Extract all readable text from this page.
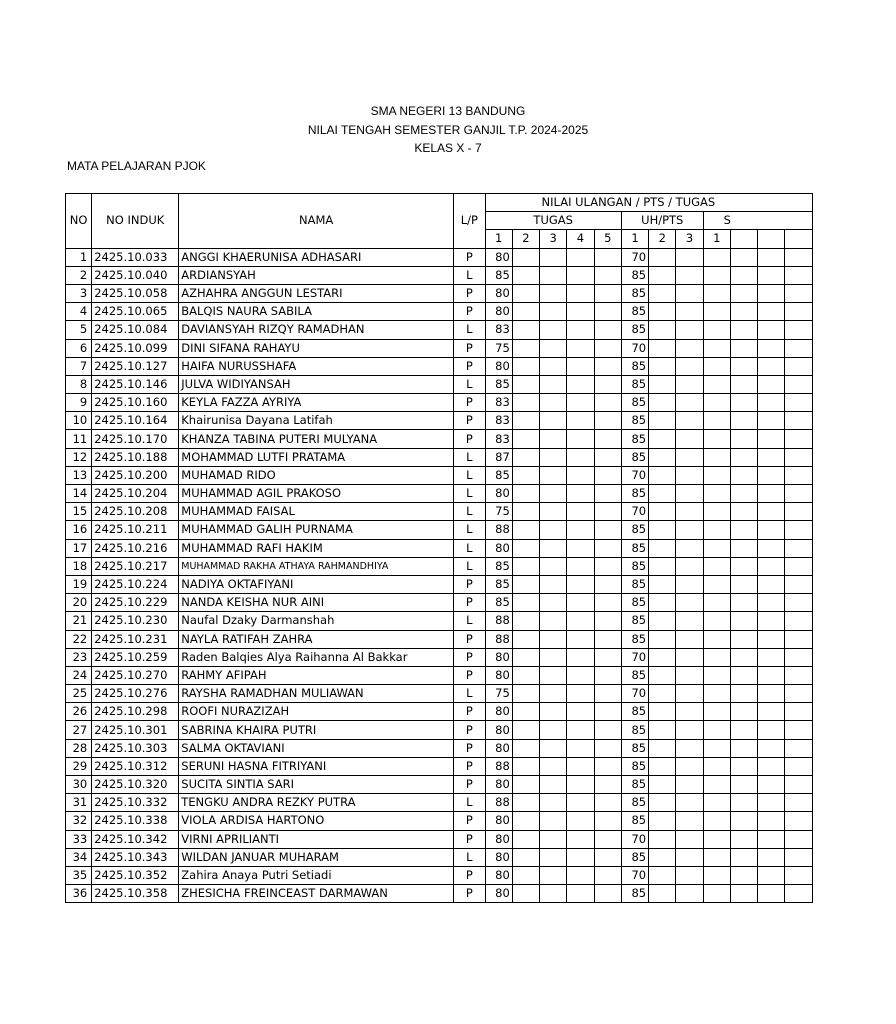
SMA NEGERI 13 BANDUNG
NILAI TENGAH SEMESTER GANJIL T.P. 2024-2025
KELAS X - 7
MATA PELAJARAN PJOK
NO	NO INDUK	NAMA	L/P	NILAI ULANGAN / PTS / TUGAS											
				TUGAS					UH/PTS			S			
				1	2	3	4	5	1	2	3	1			
1	2425.10.033	ANGGI KHAERUNISA ADHASARI	P	80					70						
2	2425.10.040	ARDIANSYAH	L	85					85						
3	2425.10.058	AZHAHRA ANGGUN LESTARI	P	80					85						
4	2425.10.065	BALQIS NAURA SABILA	P	80					85						
5	2425.10.084	DAVIANSYAH RIZQY RAMADHAN	L	83					85						
6	2425.10.099	DINI SIFANA RAHAYU	P	75					70						
7	2425.10.127	HAIFA NURUSSHAFA	P	80					85						
8	2425.10.146	JULVA WIDIYANSAH	L	85					85						
9	2425.10.160	KEYLA FAZZA AYRIYA	P	83					85						
10	2425.10.164	Khairunisa Dayana Latifah	P	83					85						
11	2425.10.170	KHANZA TABINA PUTERI MULYANA	P	83					85						
12	2425.10.188	MOHAMMAD LUTFI PRATAMA	L	87					85						
13	2425.10.200	MUHAMAD RIDO	L	85					70						
14	2425.10.204	MUHAMMAD AGIL PRAKOSO	L	80					85						
15	2425.10.208	MUHAMMAD FAISAL	L	75					70						
16	2425.10.211	MUHAMMAD GALIH PURNAMA	L	88					85						
17	2425.10.216	MUHAMMAD RAFI HAKIM	L	80					85						
18	2425.10.217	MUHAMMAD RAKHA ATHAYA RAHMANDHIYA	L	85					85						
19	2425.10.224	NADIYA OKTAFIYANI	P	85					85						
20	2425.10.229	NANDA KEISHA NUR AINI	P	85					85						
21	2425.10.230	Naufal Dzaky Darmanshah	L	88					85						
22	2425.10.231	NAYLA RATIFAH ZAHRA	P	88					85						
23	2425.10.259	Raden Balqies Alya Raihanna Al Bakkar	P	80					70						
24	2425.10.270	RAHMY AFIPAH	P	80					85						
25	2425.10.276	RAYSHA RAMADHAN MULIAWAN	L	75					70						
26	2425.10.298	ROOFI NURAZIZAH	P	80					85						
27	2425.10.301	SABRINA KHAIRA PUTRI	P	80					85						
28	2425.10.303	SALMA OKTAVIANI	P	80					85						
29	2425.10.312	SERUNI HASNA FITRIYANI	P	88					85						
30	2425.10.320	SUCITA SINTIA SARI	P	80					85						
31	2425.10.332	TENGKU ANDRA REZKY PUTRA	L	88					85						
32	2425.10.338	VIOLA ARDISA HARTONO	P	80					85						
33	2425.10.342	VIRNI APRILIANTI	P	80					70						
34	2425.10.343	WILDAN JANUAR MUHARAM	L	80					85						
35	2425.10.352	Zahira Anaya Putri Setiadi	P	80					70						
36	2425.10.358	ZHESICHA FREINCEAST DARMAWAN	P	80					85						
